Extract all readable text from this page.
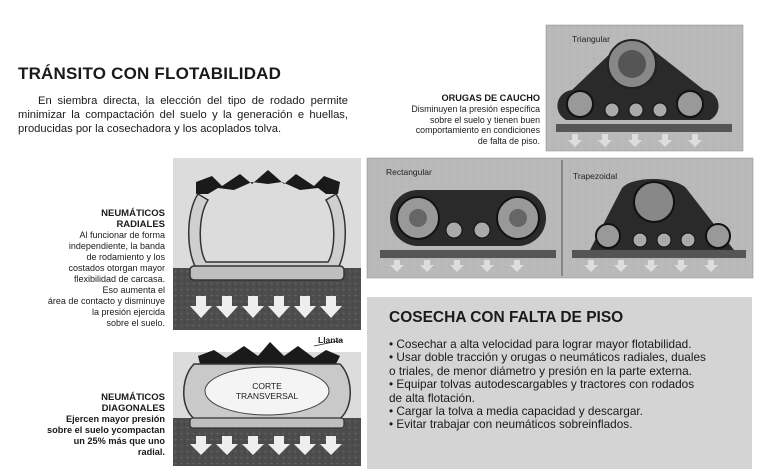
Triangular
Rectangular	Trapezoidal
Llanta
CORTE
TRANSVERSAL
TRÁNSITO CON FLOTABILIDAD
En siembra directa, la elección del tipo de rodado permite minimizar la compactación del suelo y la generación e huellas, producidas por la cosechadora y los acoplados tolva.
NEUMÁTICOS
RADIALES
Al funcionar de forma
independiente, la banda
de rodamiento y los
costados otorgan mayor
flexibilidad de carcasa.
Eso aumenta el
área de contacto y disminuye
la presión ejercida
sobre el suelo.
NEUMÁTICOS
DIAGONALES
Ejercen mayor presión
sobre el suelo ycompactan
un 25% más que uno
radial.
ORUGAS DE CAUCHO
Disminuyen la presión específica
sobre el suelo y tienen buen
comportamiento en condiciones
de falta de piso.
COSECHA CON FALTA DE PISO
• Cosechar a alta velocidad para lograr mayor flotabilidad.
• Usar doble tracción y orugas o neumáticos radiales, duales
o triales, de menor diámetro y presión en la parte externa.
• Equipar tolvas autodescargables y tractores con rodados
de alta flotación.
• Cargar la tolva a media capacidad y descargar.
• Evitar trabajar con neumáticos sobreinflados.
